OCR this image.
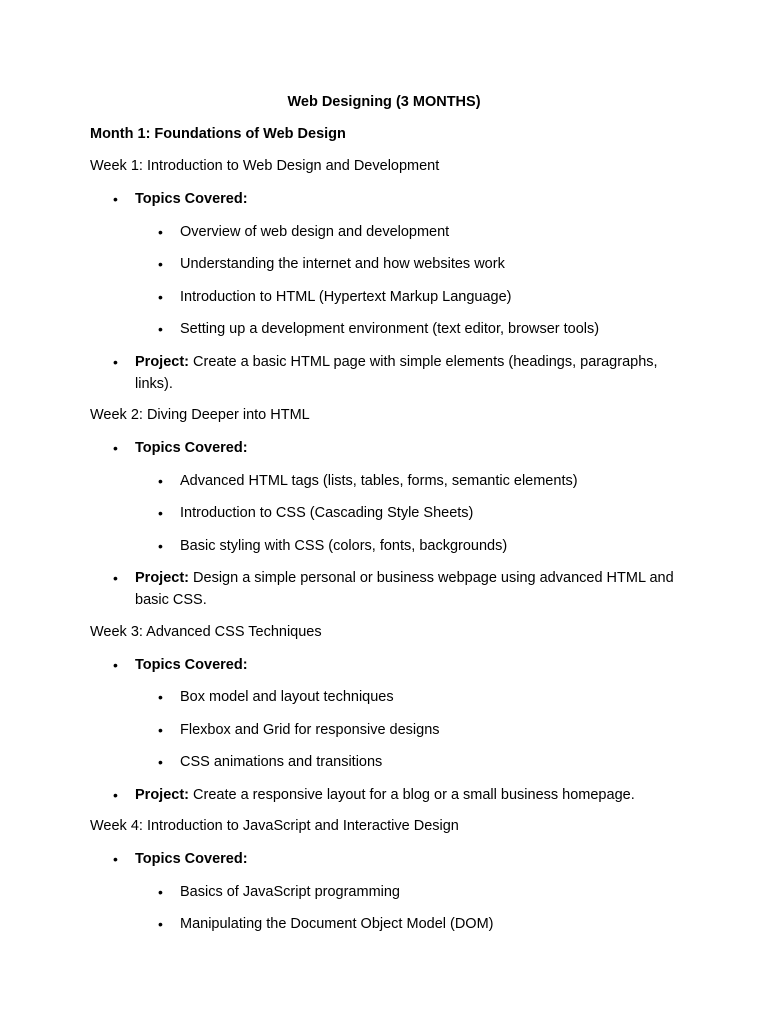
Web Designing (3 MONTHS)
Month 1: Foundations of Web Design
Week 1: Introduction to Web Design and Development
• Topics Covered:
• Overview of web design and development
• Understanding the internet and how websites work
• Introduction to HTML (Hypertext Markup Language)
• Setting up a development environment (text editor, browser tools)
• Project: Create a basic HTML page with simple elements (headings, paragraphs, links).
Week 2: Diving Deeper into HTML
• Topics Covered:
• Advanced HTML tags (lists, tables, forms, semantic elements)
• Introduction to CSS (Cascading Style Sheets)
• Basic styling with CSS (colors, fonts, backgrounds)
• Project: Design a simple personal or business webpage using advanced HTML and basic CSS.
Week 3: Advanced CSS Techniques
• Topics Covered:
• Box model and layout techniques
• Flexbox and Grid for responsive designs
• CSS animations and transitions
• Project: Create a responsive layout for a blog or a small business homepage.
Week 4: Introduction to JavaScript and Interactive Design
• Topics Covered:
• Basics of JavaScript programming
• Manipulating the Document Object Model (DOM)
